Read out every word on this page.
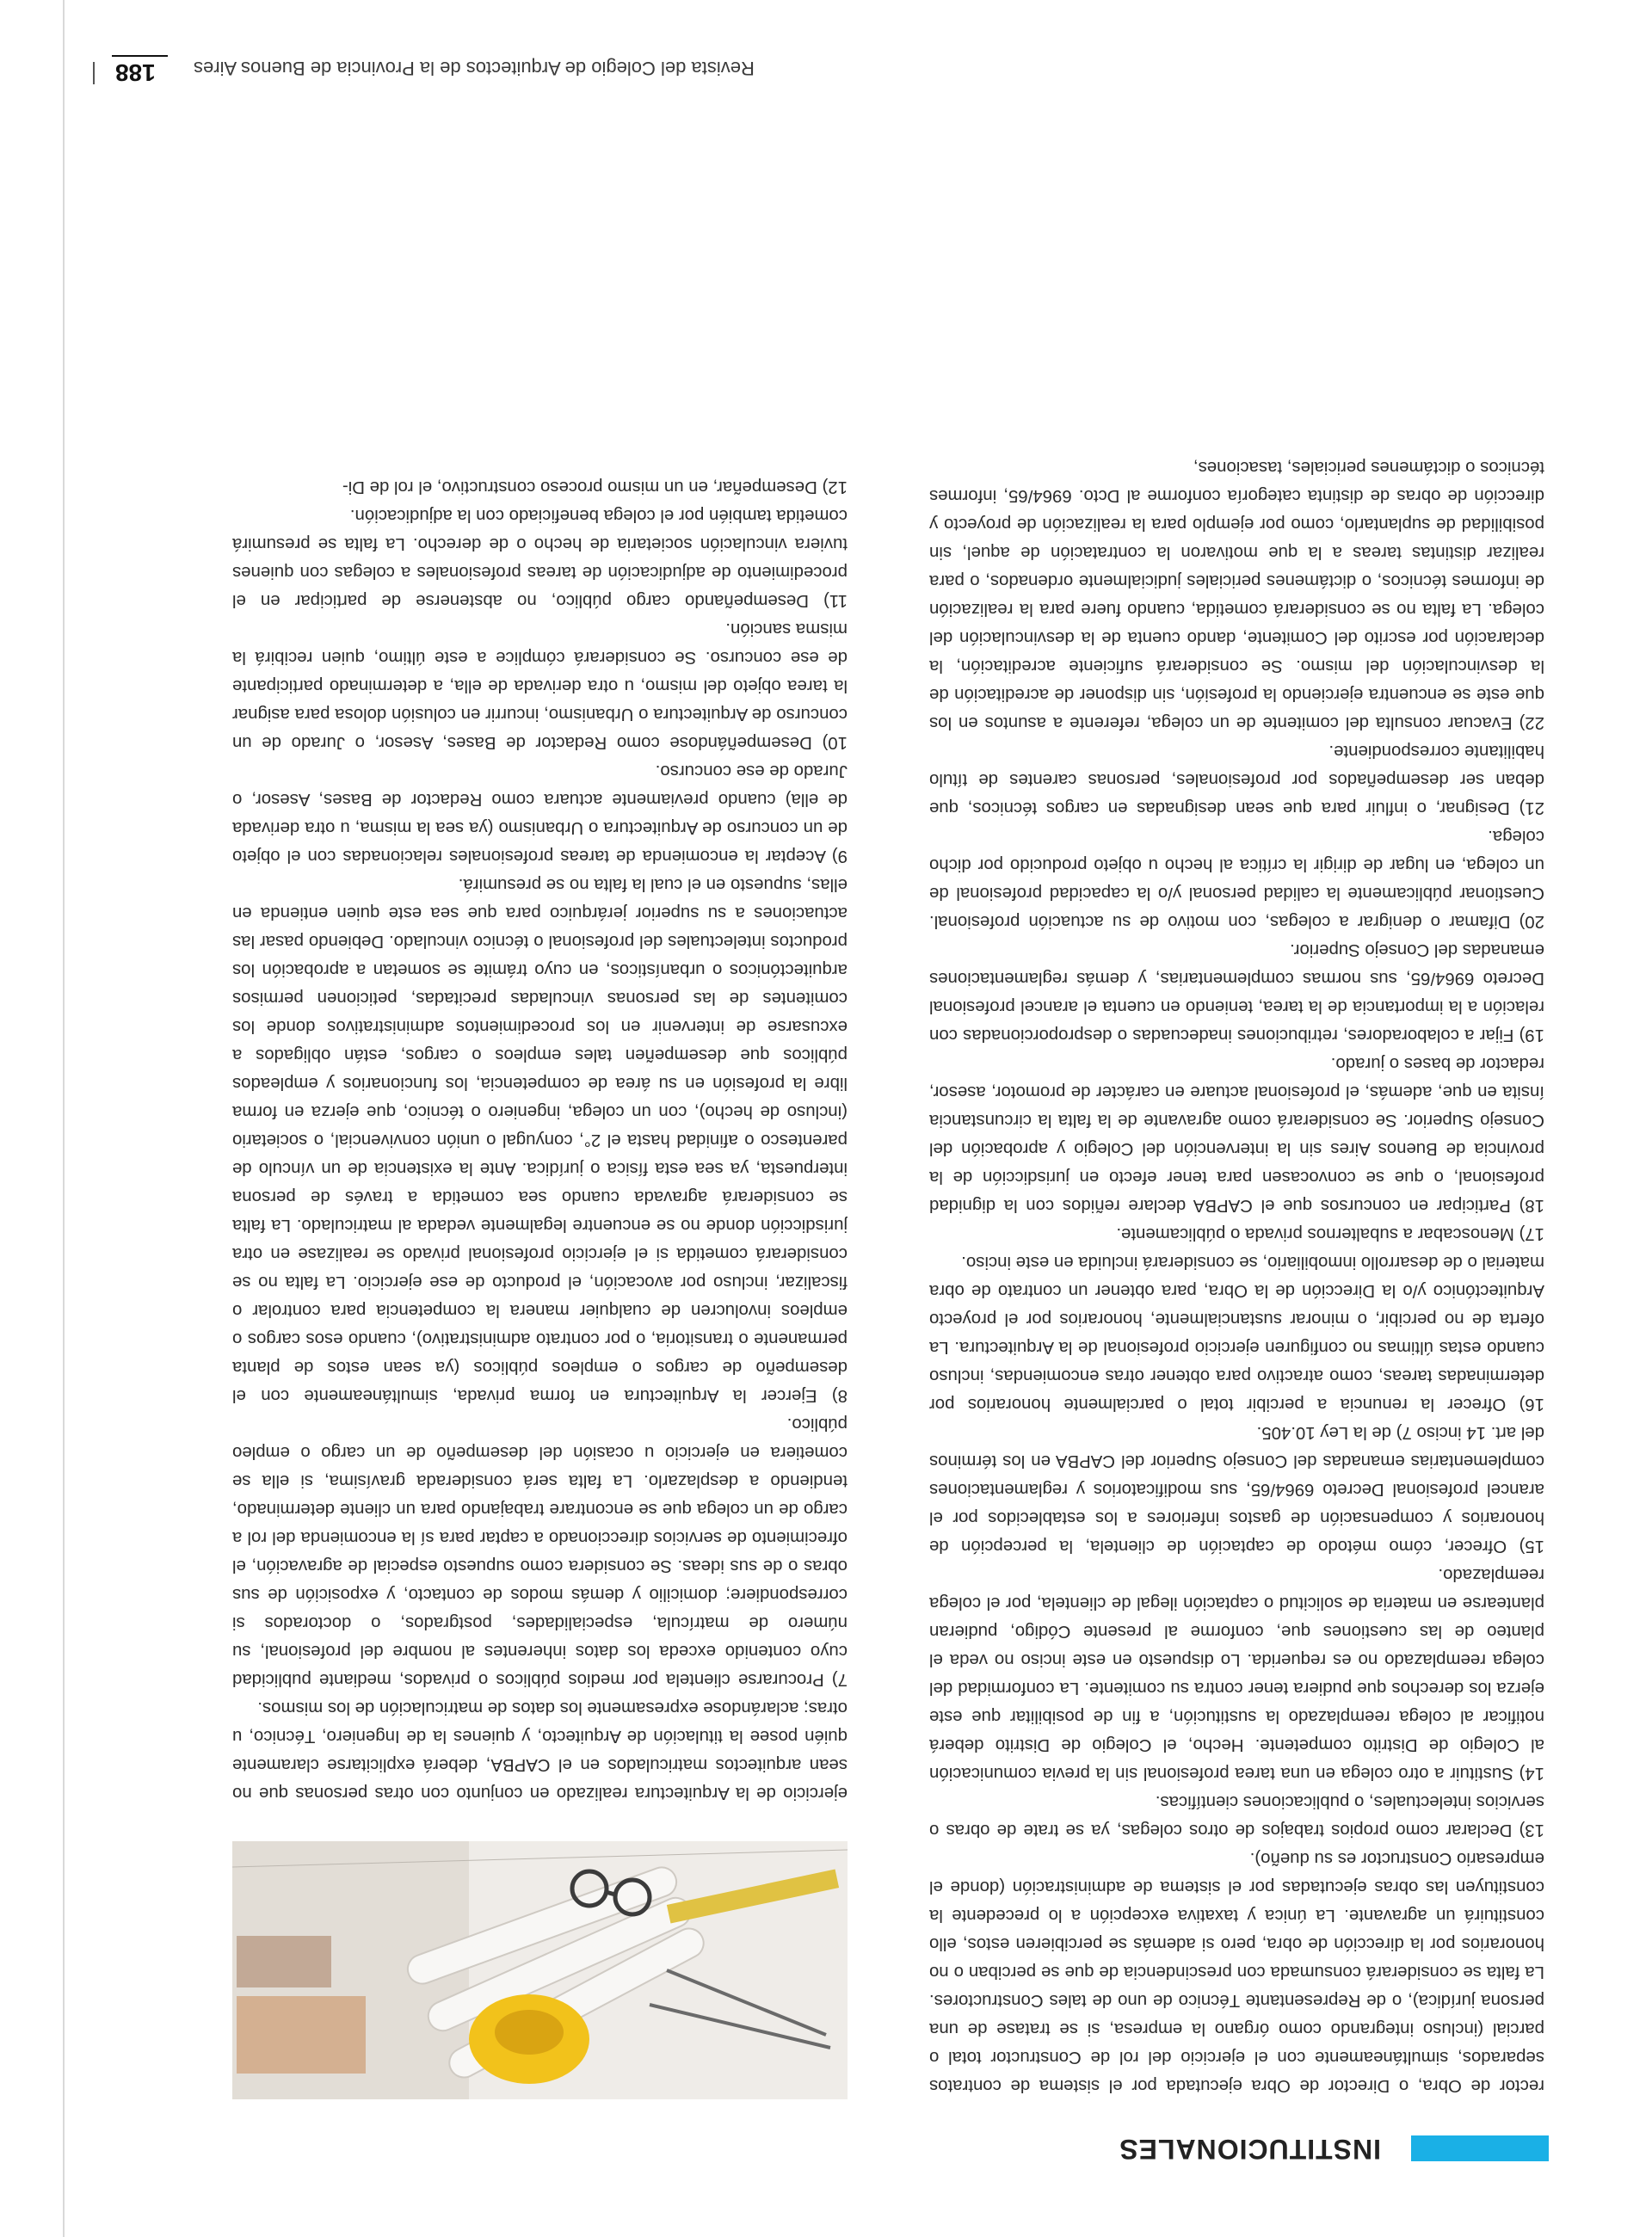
INSTITUCIONALES

ejercicio de la Arquitectura realizado en conjunto con otras personas que no sean arquitectos matriculados en el CAPBA, deberá explicitarse claramente quién posee la titulación de Arquitecto, y quienes la de Ingeniero, Técnico, u otras; aclarándose expresamente los datos de matriculación de los mismos.

7) Procurarse clientela por medios públicos o privados, mediante publicidad cuyo contenido exceda los datos inherentes al nombre del profesional, su número de matrícula, especialidades, postgrados, o doctorados si correspondiere; domicilio y demás modos de contacto, y exposición de sus obras o de sus ideas. Se considera como supuesto especial de agravación, el ofrecimiento de servicios direccionado a captar para sí la encomienda del rol a cargo de un colega que se encontrare trabajando para un cliente determinado, tendiendo a desplazarlo. La falta será considerada gravísima, si ella se cometiera en ejercicio u ocasión del desempeño de un cargo o empleo público.

8) Ejercer la Arquitectura en forma privada, simultáneamente con el desempeño de cargos o empleos públicos (ya sean estos de planta permanente o transitoria, o por contrato administrativo), cuando esos cargos o empleos involucren de cualquier manera la competencia para controlar o fiscalizar, incluso por avocación, el producto de ese ejercicio. La falta no se considerará cometida si el ejercicio profesional privado se realizase en otra jurisdicción donde no se encuentre legalmente vedada al matriculado. La falta se considerará agravada cuando sea cometida a través de persona interpuesta, ya sea esta física o jurídica. Ante la existencia de un vínculo de parentesco o afinidad hasta el 2°, conyugal o unión convivencial, o societario (incluso de hecho), con un colega, ingeniero o técnico, que ejerza en forma libre la profesión en su área de competencia, los funcionarios y empleados públicos que desempeñen tales empleos o cargos, están obligados a excusarse de intervenir en los procedimientos administrativos donde los comitentes de las personas vinculadas precitadas, peticionen permisos arquitectónicos o urbanísticos, en cuyo trámite se sometan a aprobación los productos intelectuales del profesional o técnico vinculado. Debiendo pasar las actuaciones a su superior jerárquico para que sea este quien entienda en ellas, supuesto en el cual la falta no se presumirá.

9) Aceptar la encomienda de tareas profesionales relacionadas con el objeto de un concurso de Arquitectura o Urbanismo (ya sea la misma, u otra derivada de ella) cuando previamente actuara como Redactor de Bases, Asesor, o Jurado de ese concurso.

10) Desempeñándose como Redactor de Bases, Asesor, o Jurado de un concurso de Arquitectura o Urbanismo, incurrir en colusión dolosa para asignar la tarea objeto del mismo, u otra derivada de ella, a determinado participante de ese concurso. Se considerará cómplice a este último, quien recibirá la misma sanción.

11) Desempeñando cargo público, no abstenerse de participar en el procedimiento de adjudicación de tareas profesionales a colegas con quienes tuviera vinculación societaria de hecho o de derecho. La falta se presumirá cometida también por el colega beneficiado con la adjudicación.

12) Desempeñar, en un mismo proceso constructivo, el rol de Di-

rector de Obra, o Director de Obra ejecutada por el sistema de contratos separados, simultáneamente con el ejercicio del rol de Constructor total o parcial (incluso integrando como órgano la empresa, si se tratase de una persona jurídica), o de Representante Técnico de uno de tales Constructores. La falta se considerará consumada con prescindencia de que se perciban o no honorarios por la dirección de obra, pero si además se percibieren estos, ello constituirá un agravante. La única y taxativa excepción a lo precedente la constituyen las obras ejecutadas por el sistema de administración (donde el empresario Constructor es su dueño).

13) Declarar como propios trabajos de otros colegas, ya se trate de obras o servicios intelectuales, o publicaciones científicas.

14) Sustituir a otro colega en una tarea profesional sin la previa comunicación al Colegio de Distrito competente. Hecho, el Colegio de Distrito deberá notificar al colega reemplazado la sustitución, a fin de posibilitar que este ejerza los derechos que pudiera tener contra su comitente. La conformidad del colega reemplazado no es requerida. Lo dispuesto en este inciso no veda el planteo de las cuestiones que, conforme al presente Código, pudieran plantearse en materia de solicitud o captación ilegal de clientela, por el colega reemplazado.

15) Ofrecer, cómo método de captación de clientela, la percepción de honorarios y compensación de gastos inferiores a los establecidos por el arancel profesional Decreto 6964/65, sus modificatorios y reglamentaciones complementarias emanadas del Consejo Superior del CAPBA en los términos del art. 14 inciso 7) de la Ley 10.405.

16) Ofrecer la renuncia a percibir total o parcialmente honorarios por determinadas tareas, como atractivo para obtener otras encomiendas, incluso cuando estas últimas no configuren ejercicio profesional de la Arquitectura. La oferta de no percibir, o minorar sustancialmente, honorarios por el proyecto Arquitectónico y/o la Dirección de la Obra, para obtener un contrato de obra material o de desarrollo inmobiliario, se considerará incluida en este inciso.

17) Menoscabar a subalternos privada o públicamente.

18) Participar en concursos que el CAPBA declare reñidos con la dignidad profesional, o que se convocasen para tener efecto en jurisdicción de la provincia de Buenos Aires sin la intervención del Colegio y aprobación del Consejo Superior. Se considerará como agravante de la falta la circunstancia ínsita en que, además, el profesional actuare en carácter de promotor, asesor, redactor de bases o jurado.

19) Fijar a colaboradores, retribuciones inadecuadas o desproporcionadas con relación a la importancia de la tarea, teniendo en cuenta el arancel profesional Decreto 6964/65, sus normas complementarias, y demás reglamentaciones emanadas del Consejo Superior.

20) Difamar o denigrar a colegas, con motivo de su actuación profesional. Cuestionar públicamente la calidad personal y/o la capacidad profesional de un colega, en lugar de dirigir la crítica al hecho u objeto producido por dicho colega.

21) Designar, o influir para que sean designadas en cargos técnicos, que deban ser desempeñados por profesionales, personas carentes de título habilitante correspondiente.

22) Evacuar consulta del comitente de un colega, referente a asuntos en los que este se encuentra ejerciendo la profesión, sin disponer de acreditación de la desvinculación del mismo. Se considerará suficiente acreditación, la declaración por escrito del Comitente, dando cuenta de la desvinculación del colega. La falta no se considerará cometida, cuando fuere para la realización de informes técnicos, o dictámenes periciales judicialmente ordenados, o para realizar distintas tareas a la que motivaron la contratación de aquel, sin posibilidad de suplantarlo, como por ejemplo para la realización de proyecto y dirección de obras de distinta categoría conforme al Dcto. 6964/65, informes técnicos o dictámenes periciales, tasaciones,

Revista del Colegio de Arquitectos de la Provincia de Buenos Aires
188
